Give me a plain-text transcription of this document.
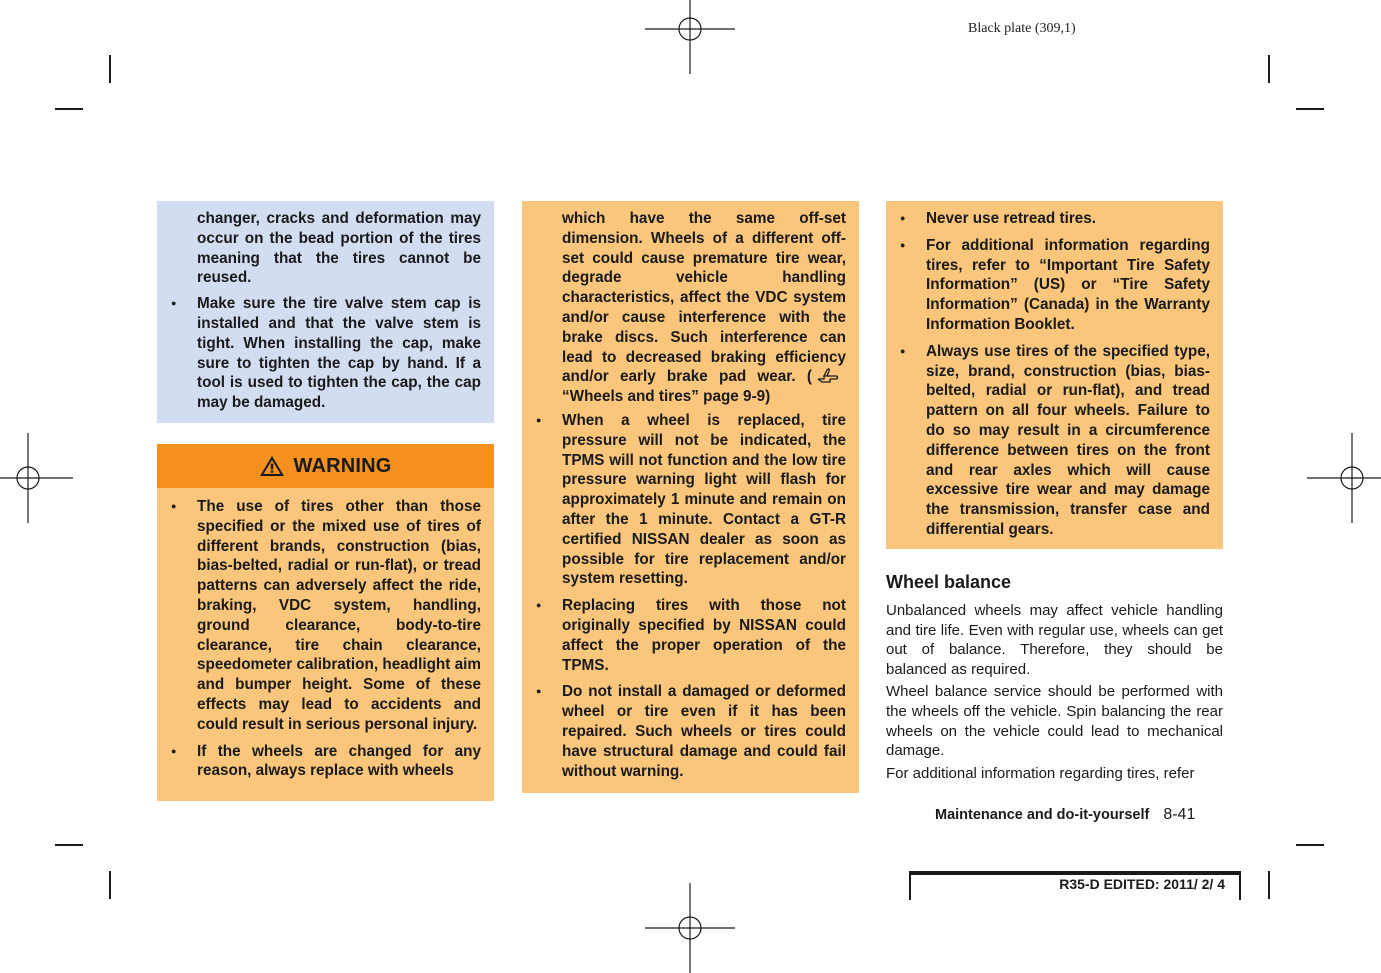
Black plate (309,1)

changer, cracks and deformation may occur on the bead portion of the tires meaning that the tires cannot be reused.

● Make sure the tire valve stem cap is installed and that the valve stem is tight. When installing the cap, make sure to tighten the cap by hand. If a tool is used to tighten the cap, the cap may be damaged.
WARNING
● The use of tires other than those specified or the mixed use of tires of different brands, construction (bias, bias-belted, radial or run-flat), or tread patterns can adversely affect the ride, braking, VDC system, handling, ground clearance, body-to-tire clearance, tire chain clearance, speedometer calibration, headlight aim and bumper height. Some of these effects may lead to accidents and could result in serious personal injury.
● If the wheels are changed for any reason, always replace with wheels

which have the same off-set dimension. Wheels of a different off-set could cause premature tire wear, degrade vehicle handling characteristics, affect the VDC system and/or cause interference with the brake discs. Such interference can lead to decreased braking efficiency and/or early brake pad wear. (“Wheels and tires” page 9-9)

● When a wheel is replaced, tire pressure will not be indicated, the TPMS will not function and the low tire pressure warning light will flash for approximately 1 minute and remain on after the 1 minute. Contact a GT-R certified NISSAN dealer as soon as possible for tire replacement and/or system resetting.
● Replacing tires with those not originally specified by NISSAN could affect the proper operation of the TPMS.
● Do not install a damaged or deformed wheel or tire even if it has been repaired. Such wheels or tires could have structural damage and could fail without warning.
● Never use retread tires.
● For additional information regarding tires, refer to “Important Tire Safety Information” (US) or “Tire Safety Information” (Canada) in the Warranty Information Booklet.
● Always use tires of the specified type, size, brand, construction (bias, bias-belted, radial or run-flat), and tread pattern on all four wheels. Failure to do so may result in a circumference difference between tires on the front and rear axles which will cause excessive tire wear and may damage the transmission, transfer case and differential gears.
Wheel balance

Unbalanced wheels may affect vehicle handling and tire life. Even with regular use, wheels can get out of balance. Therefore, they should be balanced as required.

Wheel balance service should be performed with the wheels off the vehicle. Spin balancing the rear wheels on the vehicle could lead to mechanical damage.

For additional information regarding tires, refer

Maintenance and do-it-yourself 8-41
R35-D EDITED: 2011/ 2/ 4
